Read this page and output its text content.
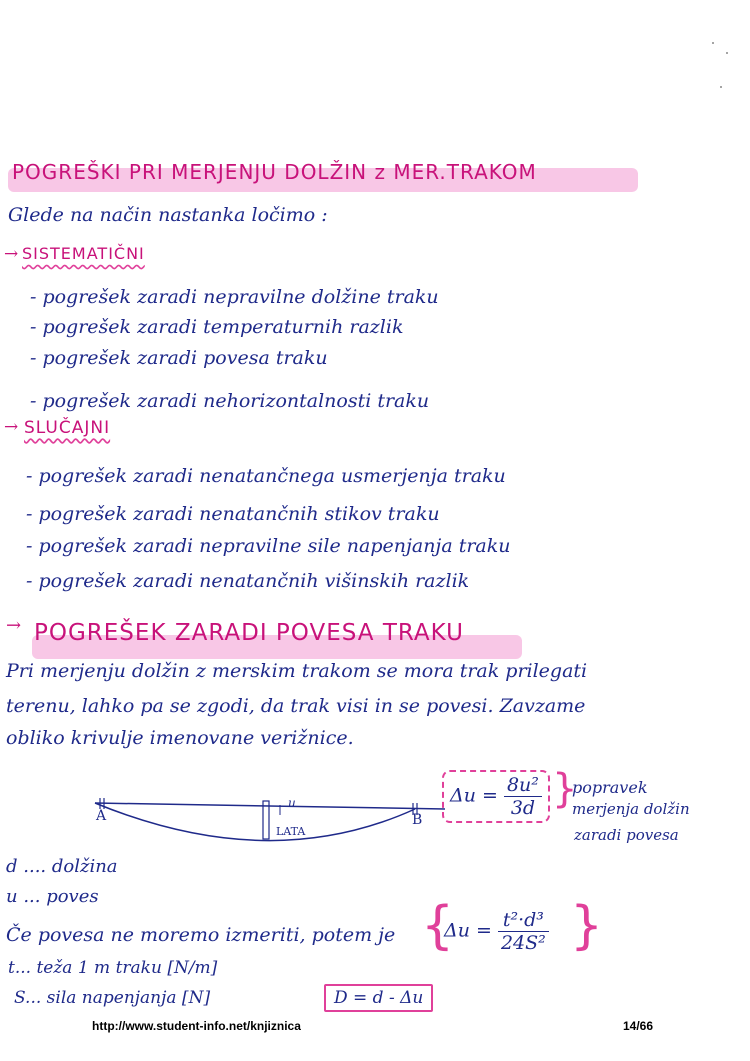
POGREŠKI PRI MERJENJU DOLŽIN z MER.TRAKOM
Glede na način nastanka ločimo :
→ SISTEMATIČNI
- pogrešek zaradi nepravilne dolžine traku
- pogrešek zaradi temperaturnih razlik
- pogrešek zaradi povesa traku
- pogrešek zaradi nehorizontalnosti traku
→ SLUČAJNI
- pogrešek zaradi nenatančnega usmerjenja traku
- pogrešek zaradi nenatančnih stikov traku
- pogrešek zaradi nepravilne sile napenjanja traku
- pogrešek zaradi nenatančnih višinskih razlik
→ POGREŠEK ZARADI POVESA TRAKU
Pri merjenju dolžin z merskim trakom se mora trak prilegati
terenu, lahko pa se zgodi, da trak visi in se povesi. Zavzame
obliko krivulje imenovane verižnice.
u
A	B
LATA
$\Delta u = \frac{\text{8u²}}{3d}$ }
popravek
merjenja dolžin
zaradi povesa
d .... dolžina
u ... poves
Če povesa ne moremo izmeriti, potem je {
$\Delta u = \frac{\text{t²·d³}}{\text{24S²}}$ }
t... teža 1 m traku [N/m]
S... sila napenjanja [N]	D = d - Δu
http://www.student-info.net/knjiznica	14/66
